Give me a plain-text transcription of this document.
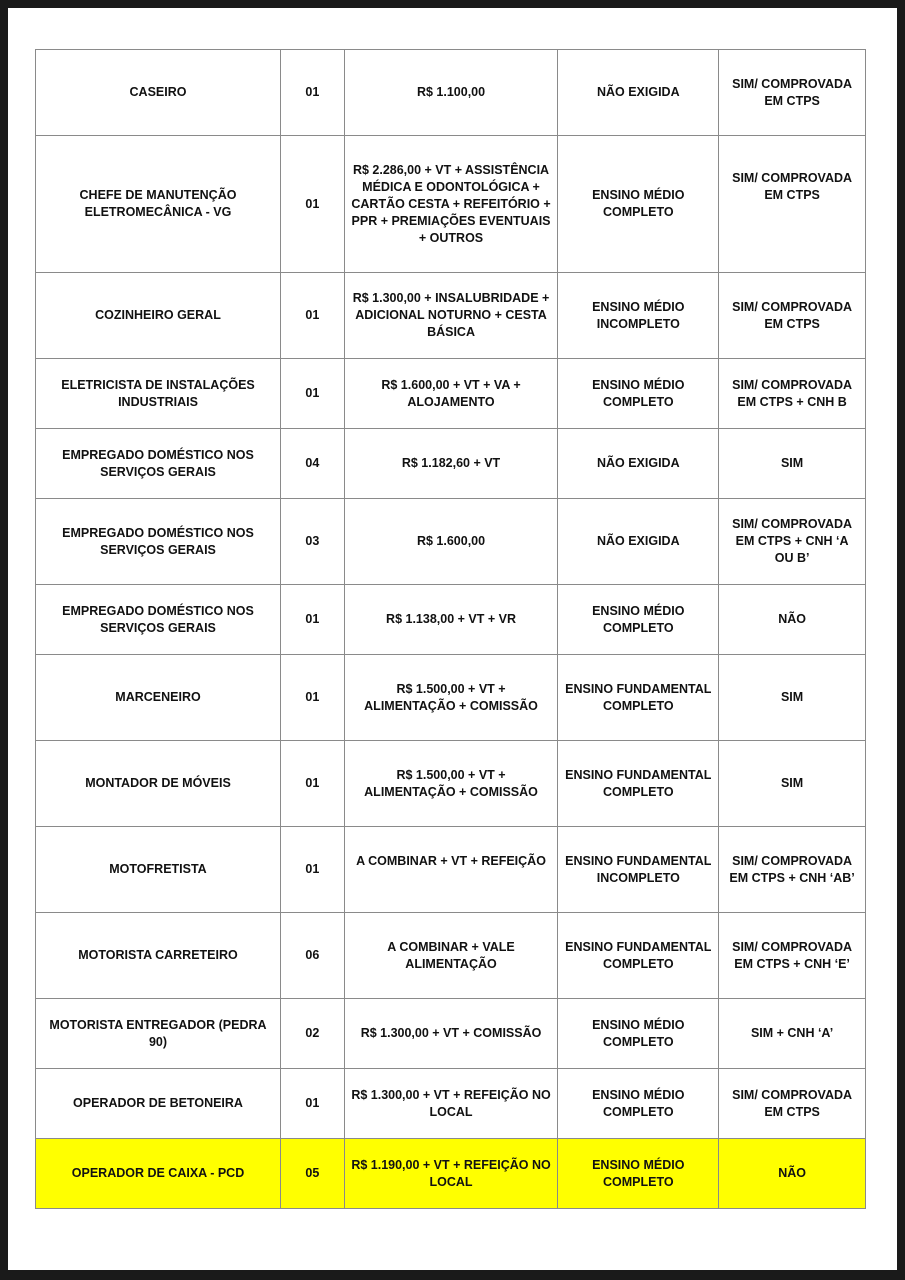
CASEIRO	01	R$ 1.100,00	NÃO EXIGIDA	SIM/ COMPROVADA EM CTPS
CHEFE DE MANUTENÇÃO ELETROMECÂNICA - VG	01	R$ 2.286,00 + VT + ASSISTÊNCIA MÉDICA E ODONTOLÓGICA + CARTÃO CESTA + REFEITÓRIO + PPR + PREMIAÇÕES EVENTUAIS + OUTROS	ENSINO MÉDIO COMPLETO	SIM/ COMPROVADA EM CTPS
COZINHEIRO GERAL	01	R$ 1.300,00 + INSALUBRIDADE + ADICIONAL NOTURNO + CESTA BÁSICA	ENSINO MÉDIO INCOMPLETO	SIM/ COMPROVADA EM CTPS
ELETRICISTA DE INSTALAÇÕES INDUSTRIAIS	01	R$ 1.600,00 + VT + VA + ALOJAMENTO	ENSINO MÉDIO COMPLETO	SIM/ COMPROVADA EM CTPS + CNH B
EMPREGADO DOMÉSTICO NOS SERVIÇOS GERAIS	04	R$ 1.182,60 + VT	NÃO EXIGIDA	SIM
EMPREGADO DOMÉSTICO NOS SERVIÇOS GERAIS	03	R$ 1.600,00	NÃO EXIGIDA	SIM/ COMPROVADA EM CTPS + CNH ‘A OU B’
EMPREGADO DOMÉSTICO NOS SERVIÇOS GERAIS	01	R$ 1.138,00 + VT + VR	ENSINO MÉDIO COMPLETO	NÃO
MARCENEIRO	01	R$ 1.500,00 + VT + ALIMENTAÇÃO + COMISSÃO	ENSINO FUNDAMENTAL COMPLETO	SIM
MONTADOR DE MÓVEIS	01	R$ 1.500,00 + VT + ALIMENTAÇÃO + COMISSÃO	ENSINO FUNDAMENTAL COMPLETO	SIM
MOTOFRETISTA	01	A COMBINAR + VT + REFEIÇÃO	ENSINO FUNDAMENTAL INCOMPLETO	SIM/ COMPROVADA EM CTPS + CNH ‘AB’
MOTORISTA CARRETEIRO	06	A COMBINAR + VALE ALIMENTAÇÃO	ENSINO FUNDAMENTAL COMPLETO	SIM/ COMPROVADA EM CTPS + CNH ‘E’
MOTORISTA ENTREGADOR (PEDRA 90)	02	R$ 1.300,00 + VT + COMISSÃO	ENSINO MÉDIO COMPLETO	SIM + CNH ‘A’
OPERADOR DE BETONEIRA	01	R$ 1.300,00 + VT + REFEIÇÃO NO LOCAL	ENSINO MÉDIO COMPLETO	SIM/ COMPROVADA EM CTPS
OPERADOR DE CAIXA - PCD	05	R$ 1.190,00 + VT + REFEIÇÃO NO LOCAL	ENSINO MÉDIO COMPLETO	NÃO
